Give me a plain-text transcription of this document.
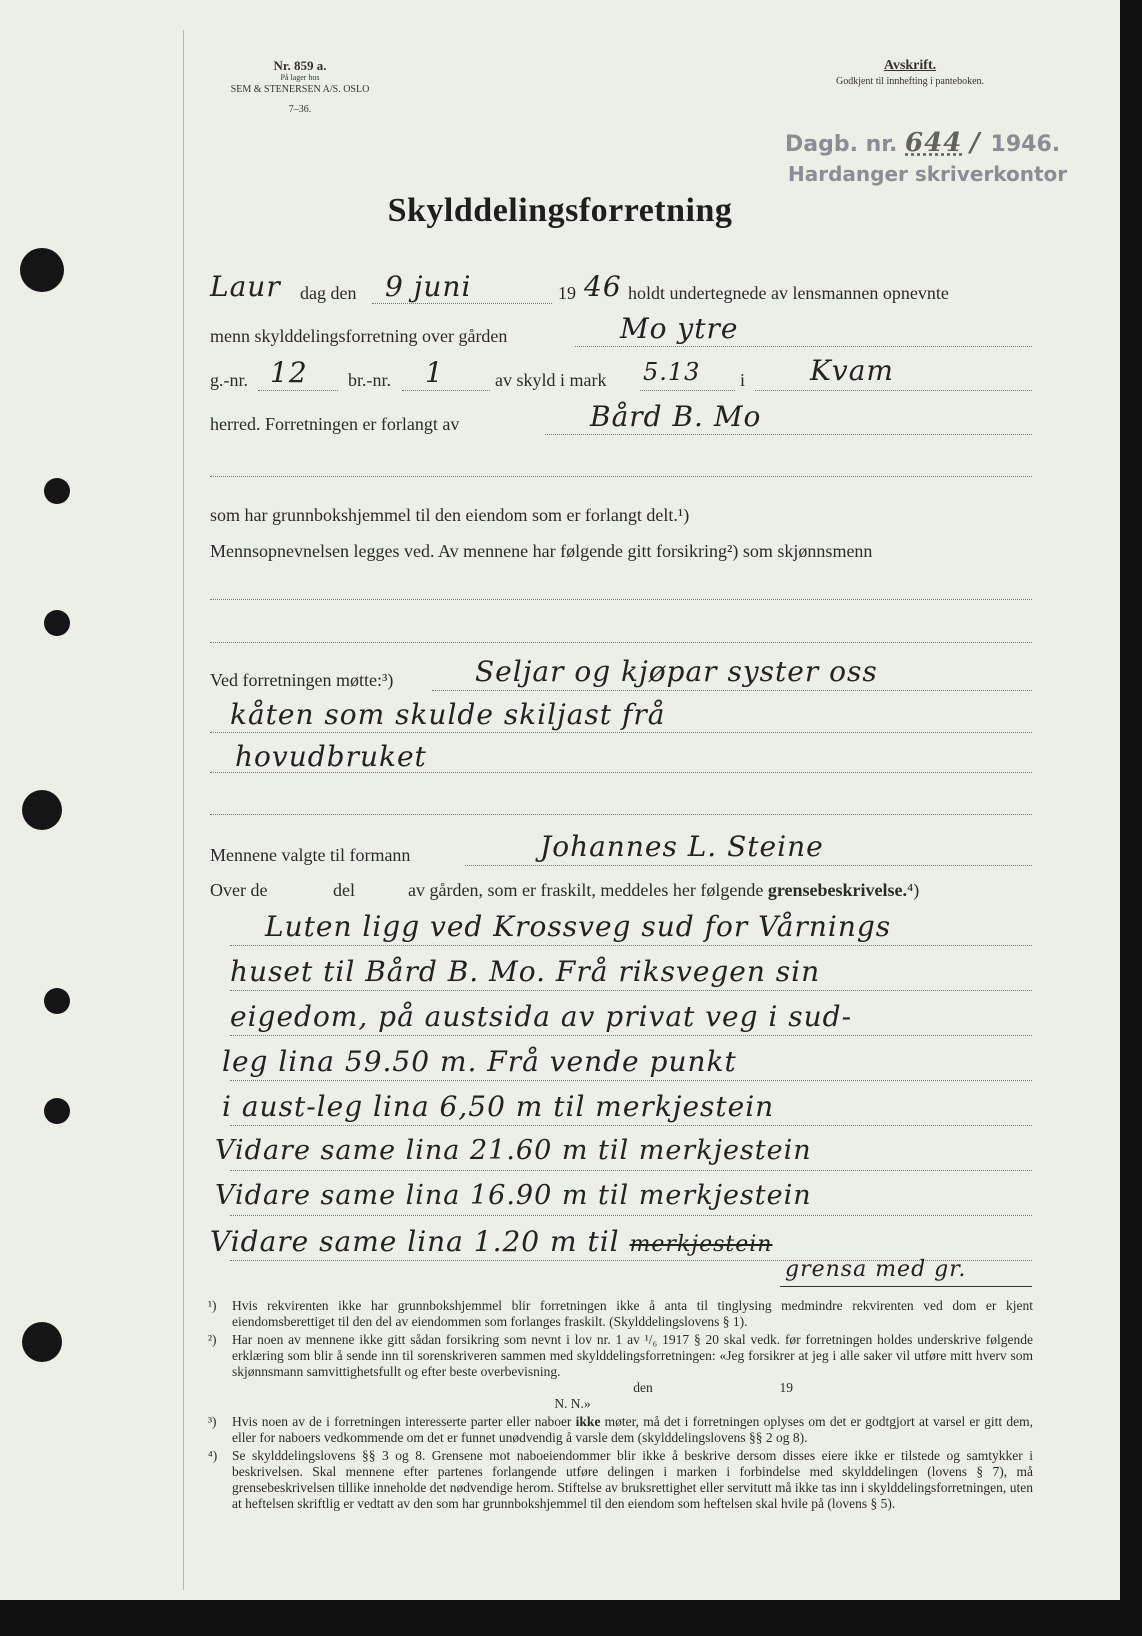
Nr. 859 a.
På lager hos
SEM & STENERSEN A/S. OSLO
7–36.
Avskrift.
Godkjent til innhefting i panteboken.
Dagb. nr. 644 / 1946.
Hardanger skriverkontor
Skylddelingsforretning
Laur dag den 9 juni	19 46 holdt undertegnede av lensmannen opnevnte
menn skylddelingsforretning over gården	Mo ytre
g.-nr. 12 br.-nr. 1	av skyld i mark 5.13 i Kvam
herred. Forretningen er forlangt av	Bård B. Mo
som har grunnbokshjemmel til den eiendom som er forlangt delt.¹)
Mennsopnevnelsen legges ved. Av mennene har følgende gitt forsikring²) som skjønnsmenn
Ved forretningen møtte:³)	Seljar og kjøpar syster oss
kåten som skulde skiljast frå
hovudbruket
Mennene valgte til formann	Johannes L. Steine
Over de	del	av gården, som er fraskilt, meddeles her følgende grensebeskrivelse.⁴)
Luten ligg ved Krossveg sud for Vårnings
huset til Bård B. Mo. Frå riksvegen sin
eigedom, på austsida av privat veg i sud-
leg lina 59.50 m. Frå vende punkt
i aust-leg lina 6,50 m til merkjestein
Vidare same lina 21.60 m til merkjestein
Vidare same lina 16.90 m til merkjestein
Vidare same lina 1.20 m til merkjestein
grensa med gr.
¹)	Hvis rekvirenten ikke har grunnbokshjemmel blir forretningen ikke å anta til tinglysing medmindre rekvirenten ved dom er kjent eiendomsberettiget til den del av eiendommen som forlanges fraskilt. (Skylddelingslovens § 1).
²)	Har noen av mennene ikke gitt sådan forsikring som nevnt i lov nr. 1 av ¹/₆ 1917 § 20 skal vedk. før forretningen holdes underskrive følgende erklæring som blir å sende inn til sorenskriveren sammen med skylddelingsforretningen: «Jeg forsikrer at jeg i alle saker vil utføre mitt hverv som skjønnsmann samvittighetsfullt og efter beste overbevisning.
den	19
N. N.»
³)	Hvis noen av de i forretningen interesserte parter eller naboer ikke møter, må det i forretningen oplyses om det er godtgjort at varsel er gitt dem, eller for naboers vedkommende om det er funnet unødvendig å varsle dem (skylddelingslovens §§ 2 og 8).
⁴)	Se skylddelingslovens §§ 3 og 8. Grensene mot naboeiendommer blir ikke å beskrive dersom disses eiere ikke er tilstede og samtykker i beskrivelsen. Skal mennene efter partenes forlangende utføre delingen i marken i forbindelse med skylddelingen (lovens § 7), må grensebeskrivelsen tillike inneholde det nødvendige herom. Stiftelse av bruksrettighet eller servitutt må ikke tas inn i skylddelingsforretningen, uten at heftelsen skriftlig er vedtatt av den som har grunnbokshjemmel til den eiendom som heftelsen skal hvile på (lovens § 5).
